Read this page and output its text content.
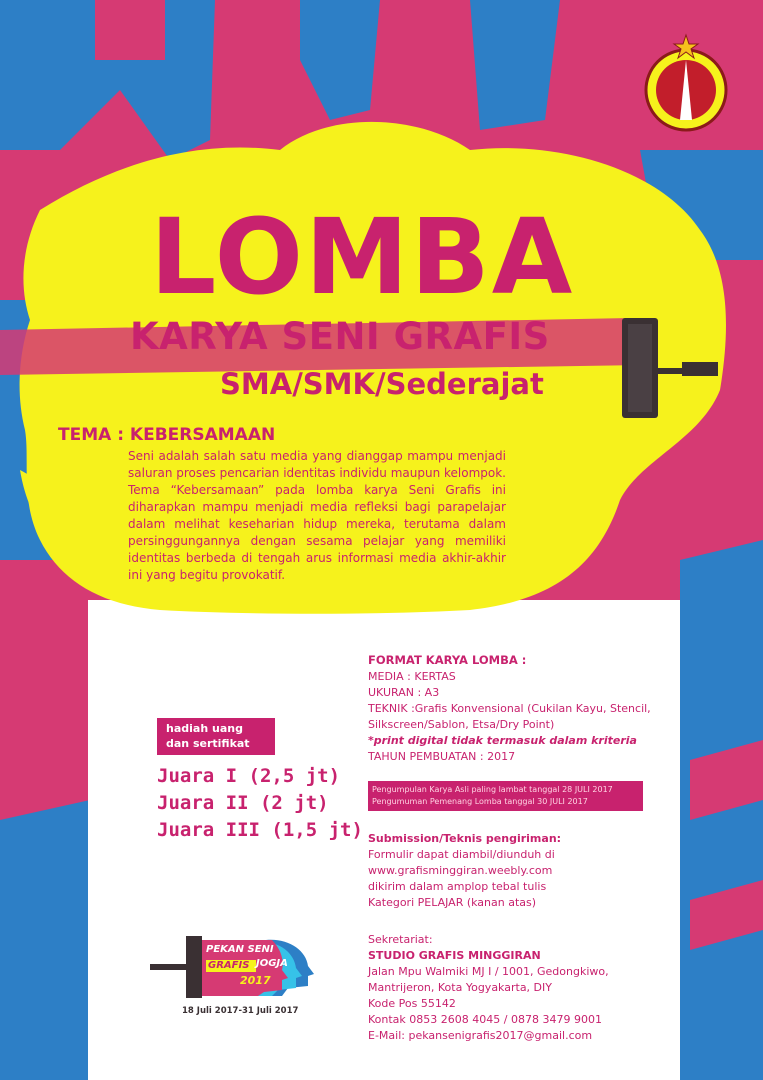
LOMBA
KARYA SENI GRAFIS
SMA/SMK/Sederajat
TEMA : KEBERSAMAAN
Seni adalah salah satu media yang dianggap mampu menjadi saluran proses pencarian identitas individu maupun kelompok. Tema “Kebersamaan” pada lomba karya Seni Grafis ini diharapkan mampu menjadi media refleksi bagi parapelajar dalam melihat keseharian hidup mereka, terutama dalam persinggungannya dengan sesama pelajar yang memiliki identitas berbeda di tengah arus informasi media akhir-akhir ini yang begitu provokatif.
FORMAT KARYA LOMBA :
MEDIA : KERTAS
UKURAN : A3
TEKNIK :Grafis Konvensional (Cukilan Kayu, Stencil,
Silkscreen/Sablon, Etsa/Dry Point)
*print digital tidak termasuk dalam kriteria
TAHUN PEMBUATAN : 2017
Pengumpulan Karya Asli paling lambat tanggal 28 JULI 2017
Pengumuman Pemenang Lomba tanggal 30 JULI 2017
hadiah uang
dan sertifikat
Juara I (2,5 jt)
Juara II (2 jt)
Juara III (1,5 jt) Submission/Teknis pengiriman:
Formulir dapat diambil/diunduh di
www.grafisminggiran.weebly.com
dikirim dalam amplop tebal tulis
Kategori PELAJAR (kanan atas)
Sekretariat:
STUDIO GRAFIS MINGGIRAN
Jalan Mpu Walmiki MJ I / 1001, Gedongkiwo,
Mantrijeron, Kota Yogyakarta, DIY
Kode Pos 55142
Kontak 0853 2608 4045 / 0878 3479 9001
E-Mail: pekansenigrafis2017@gmail.com
PEKAN SENI
GRAFIS JOGJA
2017
18 Juli 2017-31 Juli 2017
